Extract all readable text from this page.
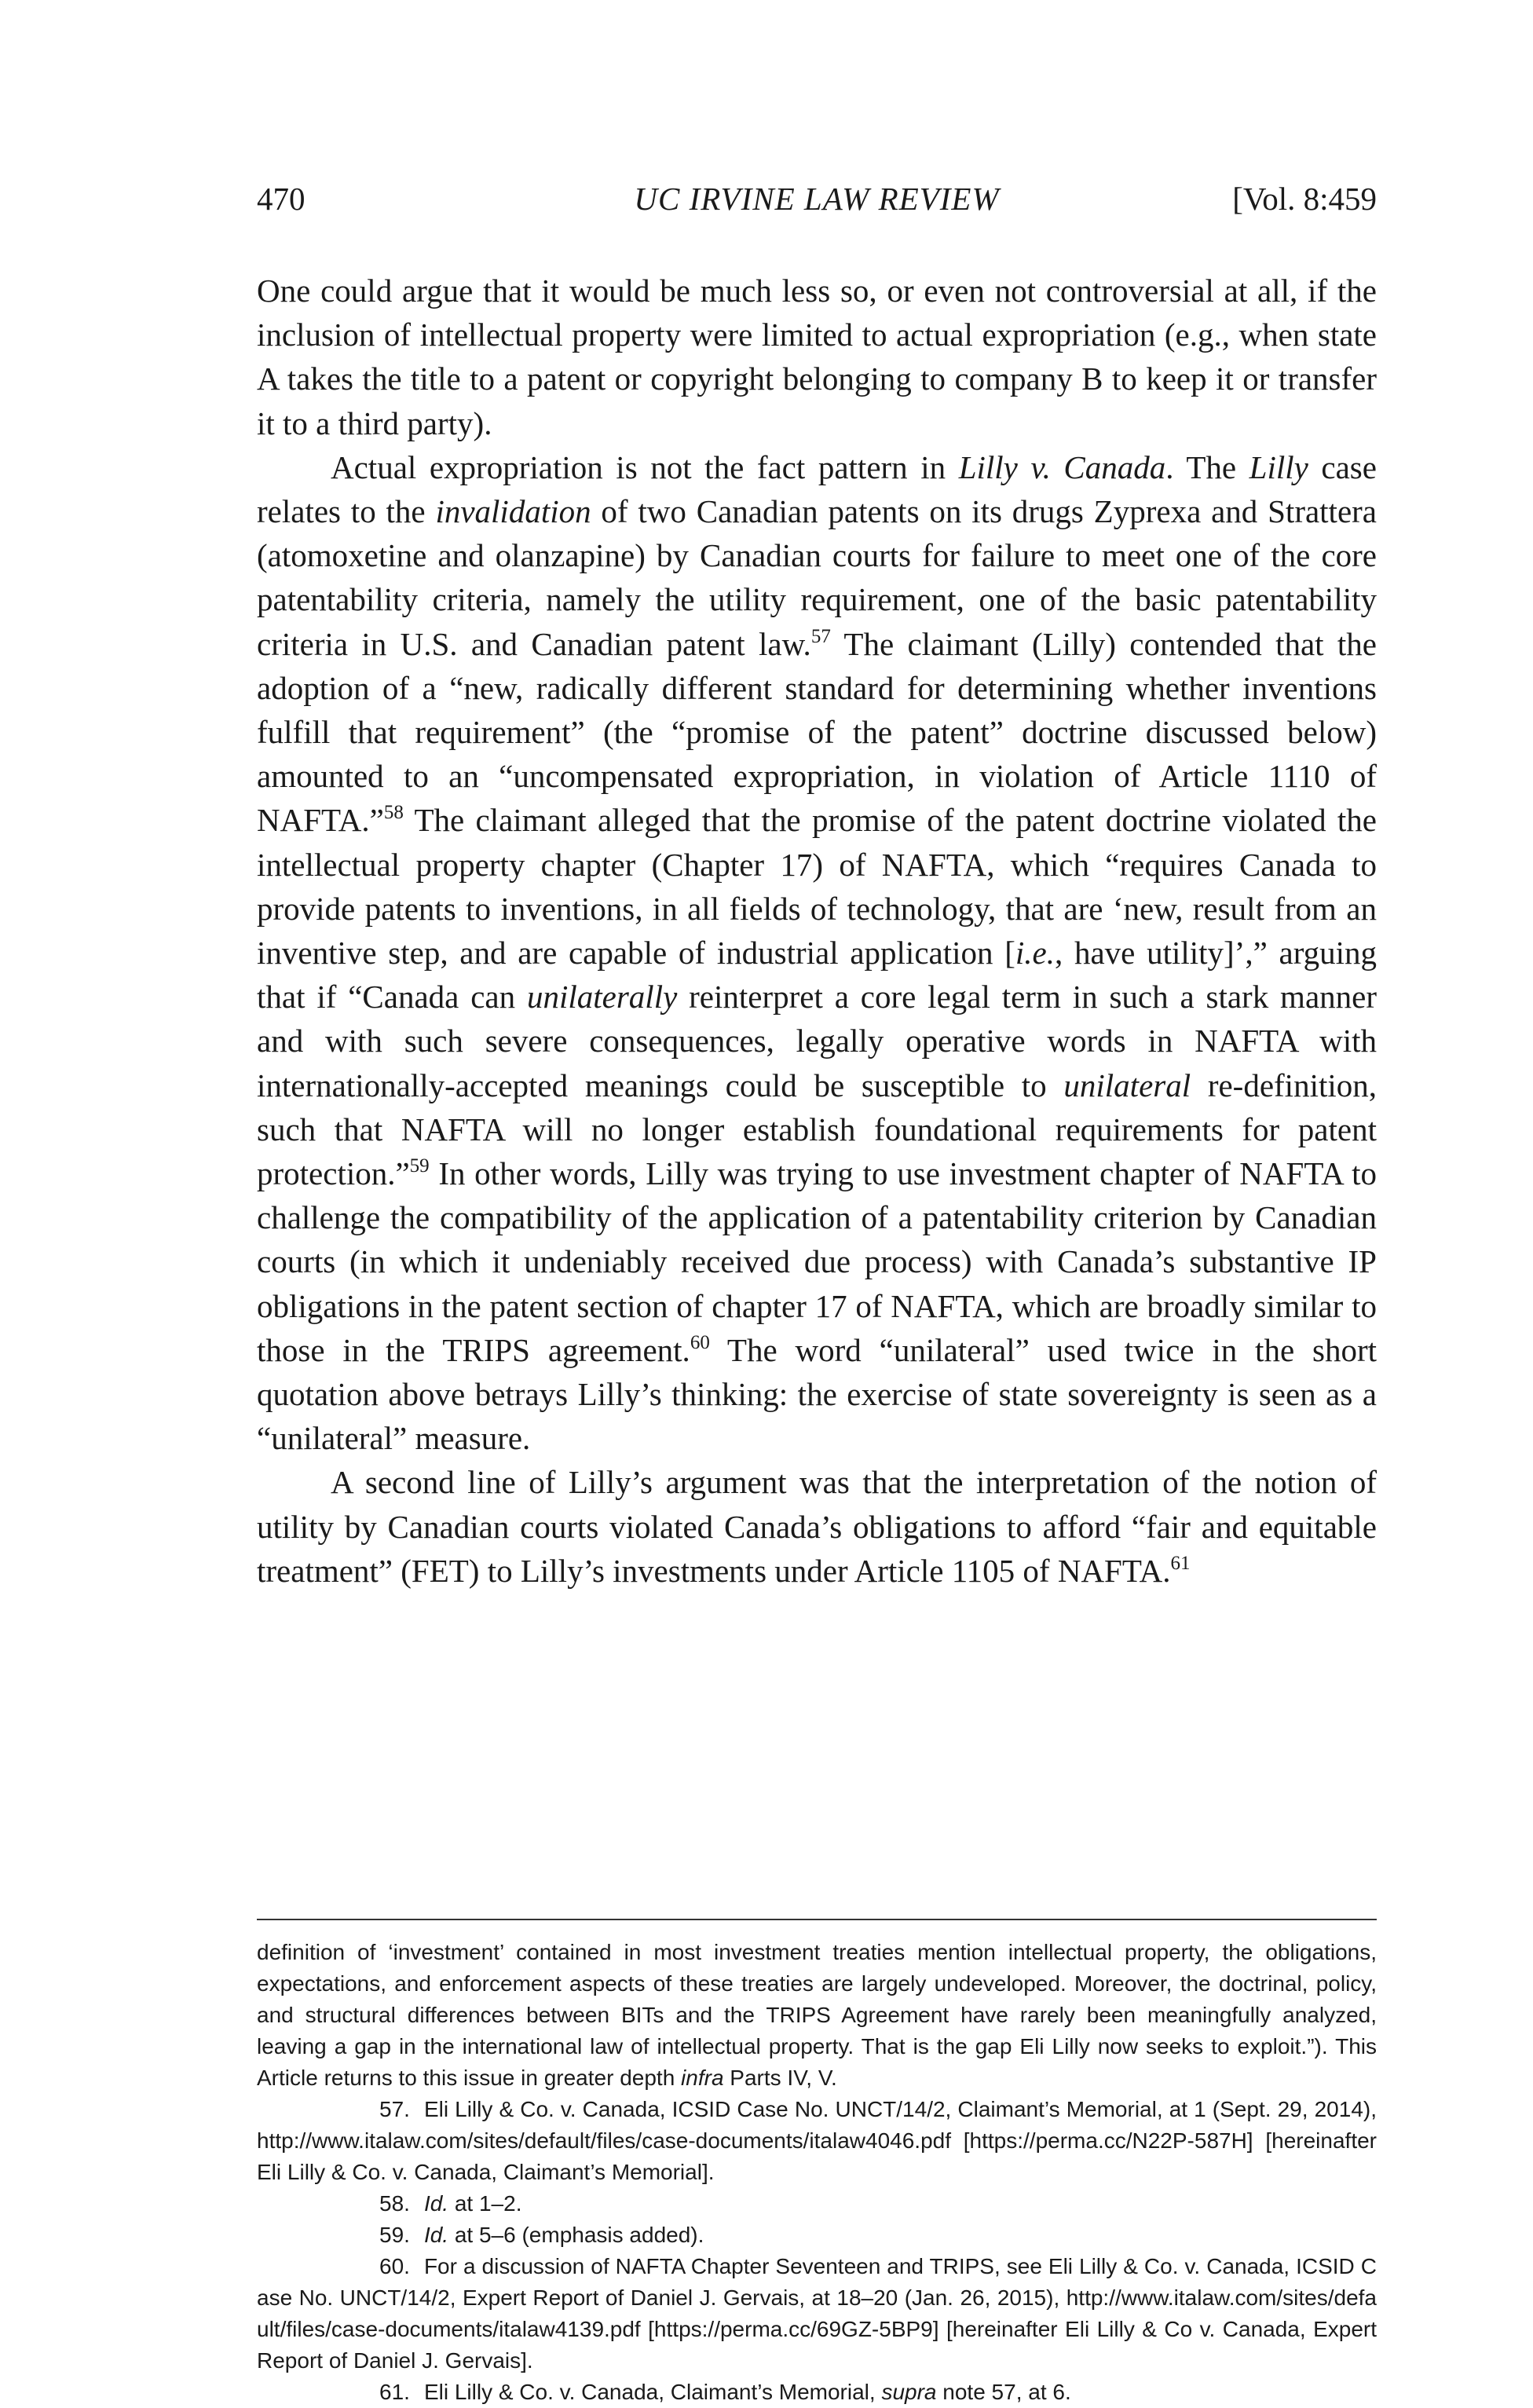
470	UC IRVINE LAW REVIEW	[Vol. 8:459

One could argue that it would be much less so, or even not controversial at all, if the inclusion of intellectual property were limited to actual expropriation (e.g., when state A takes the title to a patent or copyright belonging to company B to keep it or transfer it to a third party).

Actual expropriation is not the fact pattern in Lilly v. Canada. The Lilly case relates to the invalidation of two Canadian patents on its drugs Zyprexa and Strattera (atomoxetine and olanzapine) by Canadian courts for failure to meet one of the core patentability criteria, namely the utility requirement, one of the basic patentability criteria in U.S. and Canadian patent law.$^{57}$ The claimant (Lilly) contended that the adoption of a “new, radically different standard for determining whether inventions fulfill that requirement” (the “promise of the patent” doctrine discussed below) amounted to an “uncompensated expropriation, in violation of Article 1110 of NAFTA.”$^{58}$ The claimant alleged that the promise of the patent doctrine violated the intellectual property chapter (Chapter 17) of NAFTA, which “requires Canada to provide patents to inventions, in all fields of technology, that are ‘new, result from an inventive step, and are capable of industrial application [i.e., have utility]’,” arguing that if “Canada can unilaterally reinterpret a core legal term in such a stark manner and with such severe consequences, legally operative words in NAFTA with internationally-accepted meanings could be susceptible to unilateral re-definition, such that NAFTA will no longer establish foundational requirements for patent protection.”$^{59}$ In other words, Lilly was trying to use investment chapter of NAFTA to challenge the compatibility of the application of a patentability criterion by Canadian courts (in which it undeniably received due process) with Canada’s substantive IP obligations in the patent section of chapter 17 of NAFTA, which are broadly similar to those in the TRIPS agreement.$^{60}$ The word “unilateral” used twice in the short quotation above betrays Lilly’s thinking: the exercise of state sovereignty is seen as a “unilateral” measure.

A second line of Lilly’s argument was that the interpretation of the notion of utility by Canadian courts violated Canada’s obligations to afford “fair and equitable treatment” (FET) to Lilly’s investments under Article 1105 of NAFTA.$^{61}$

definition of ‘investment’ contained in most investment treaties mention intellectual property, the obligations, expectations, and enforcement aspects of these treaties are largely undeveloped. Moreover, the doctrinal, policy, and structural differences between BITs and the TRIPS Agreement have rarely been meaningfully analyzed, leaving a gap in the international law of intellectual property. That is the gap Eli Lilly now seeks to exploit.”). This Article returns to this issue in greater depth infra Parts IV, V.

57. Eli Lilly & Co. v. Canada, ICSID Case No. UNCT/14/2, Claimant’s Memorial, at 1 (Sept. 29, 2014), http://www.italaw.com/sites/default/files/case-documents/italaw4046.pdf [https://perma.cc/N22P-587H] [hereinafter Eli Lilly & Co. v. Canada, Claimant’s Memorial].

58. Id. at 1–2.

59. Id. at 5–6 (emphasis added).

60. For a discussion of NAFTA Chapter Seventeen and TRIPS, see Eli Lilly & Co. v. Canada, ICSID Case No. UNCT/14/2, Expert Report of Daniel J. Gervais, at 18–20 (Jan. 26, 2015), http://www.italaw.com/sites/default/files/case-documents/italaw4139.pdf [https://perma.cc/69GZ-5BP9] [hereinafter Eli Lilly & Co v. Canada, Expert Report of Daniel J. Gervais].

61. Eli Lilly & Co. v. Canada, Claimant’s Memorial, supra note 57, at 6.
